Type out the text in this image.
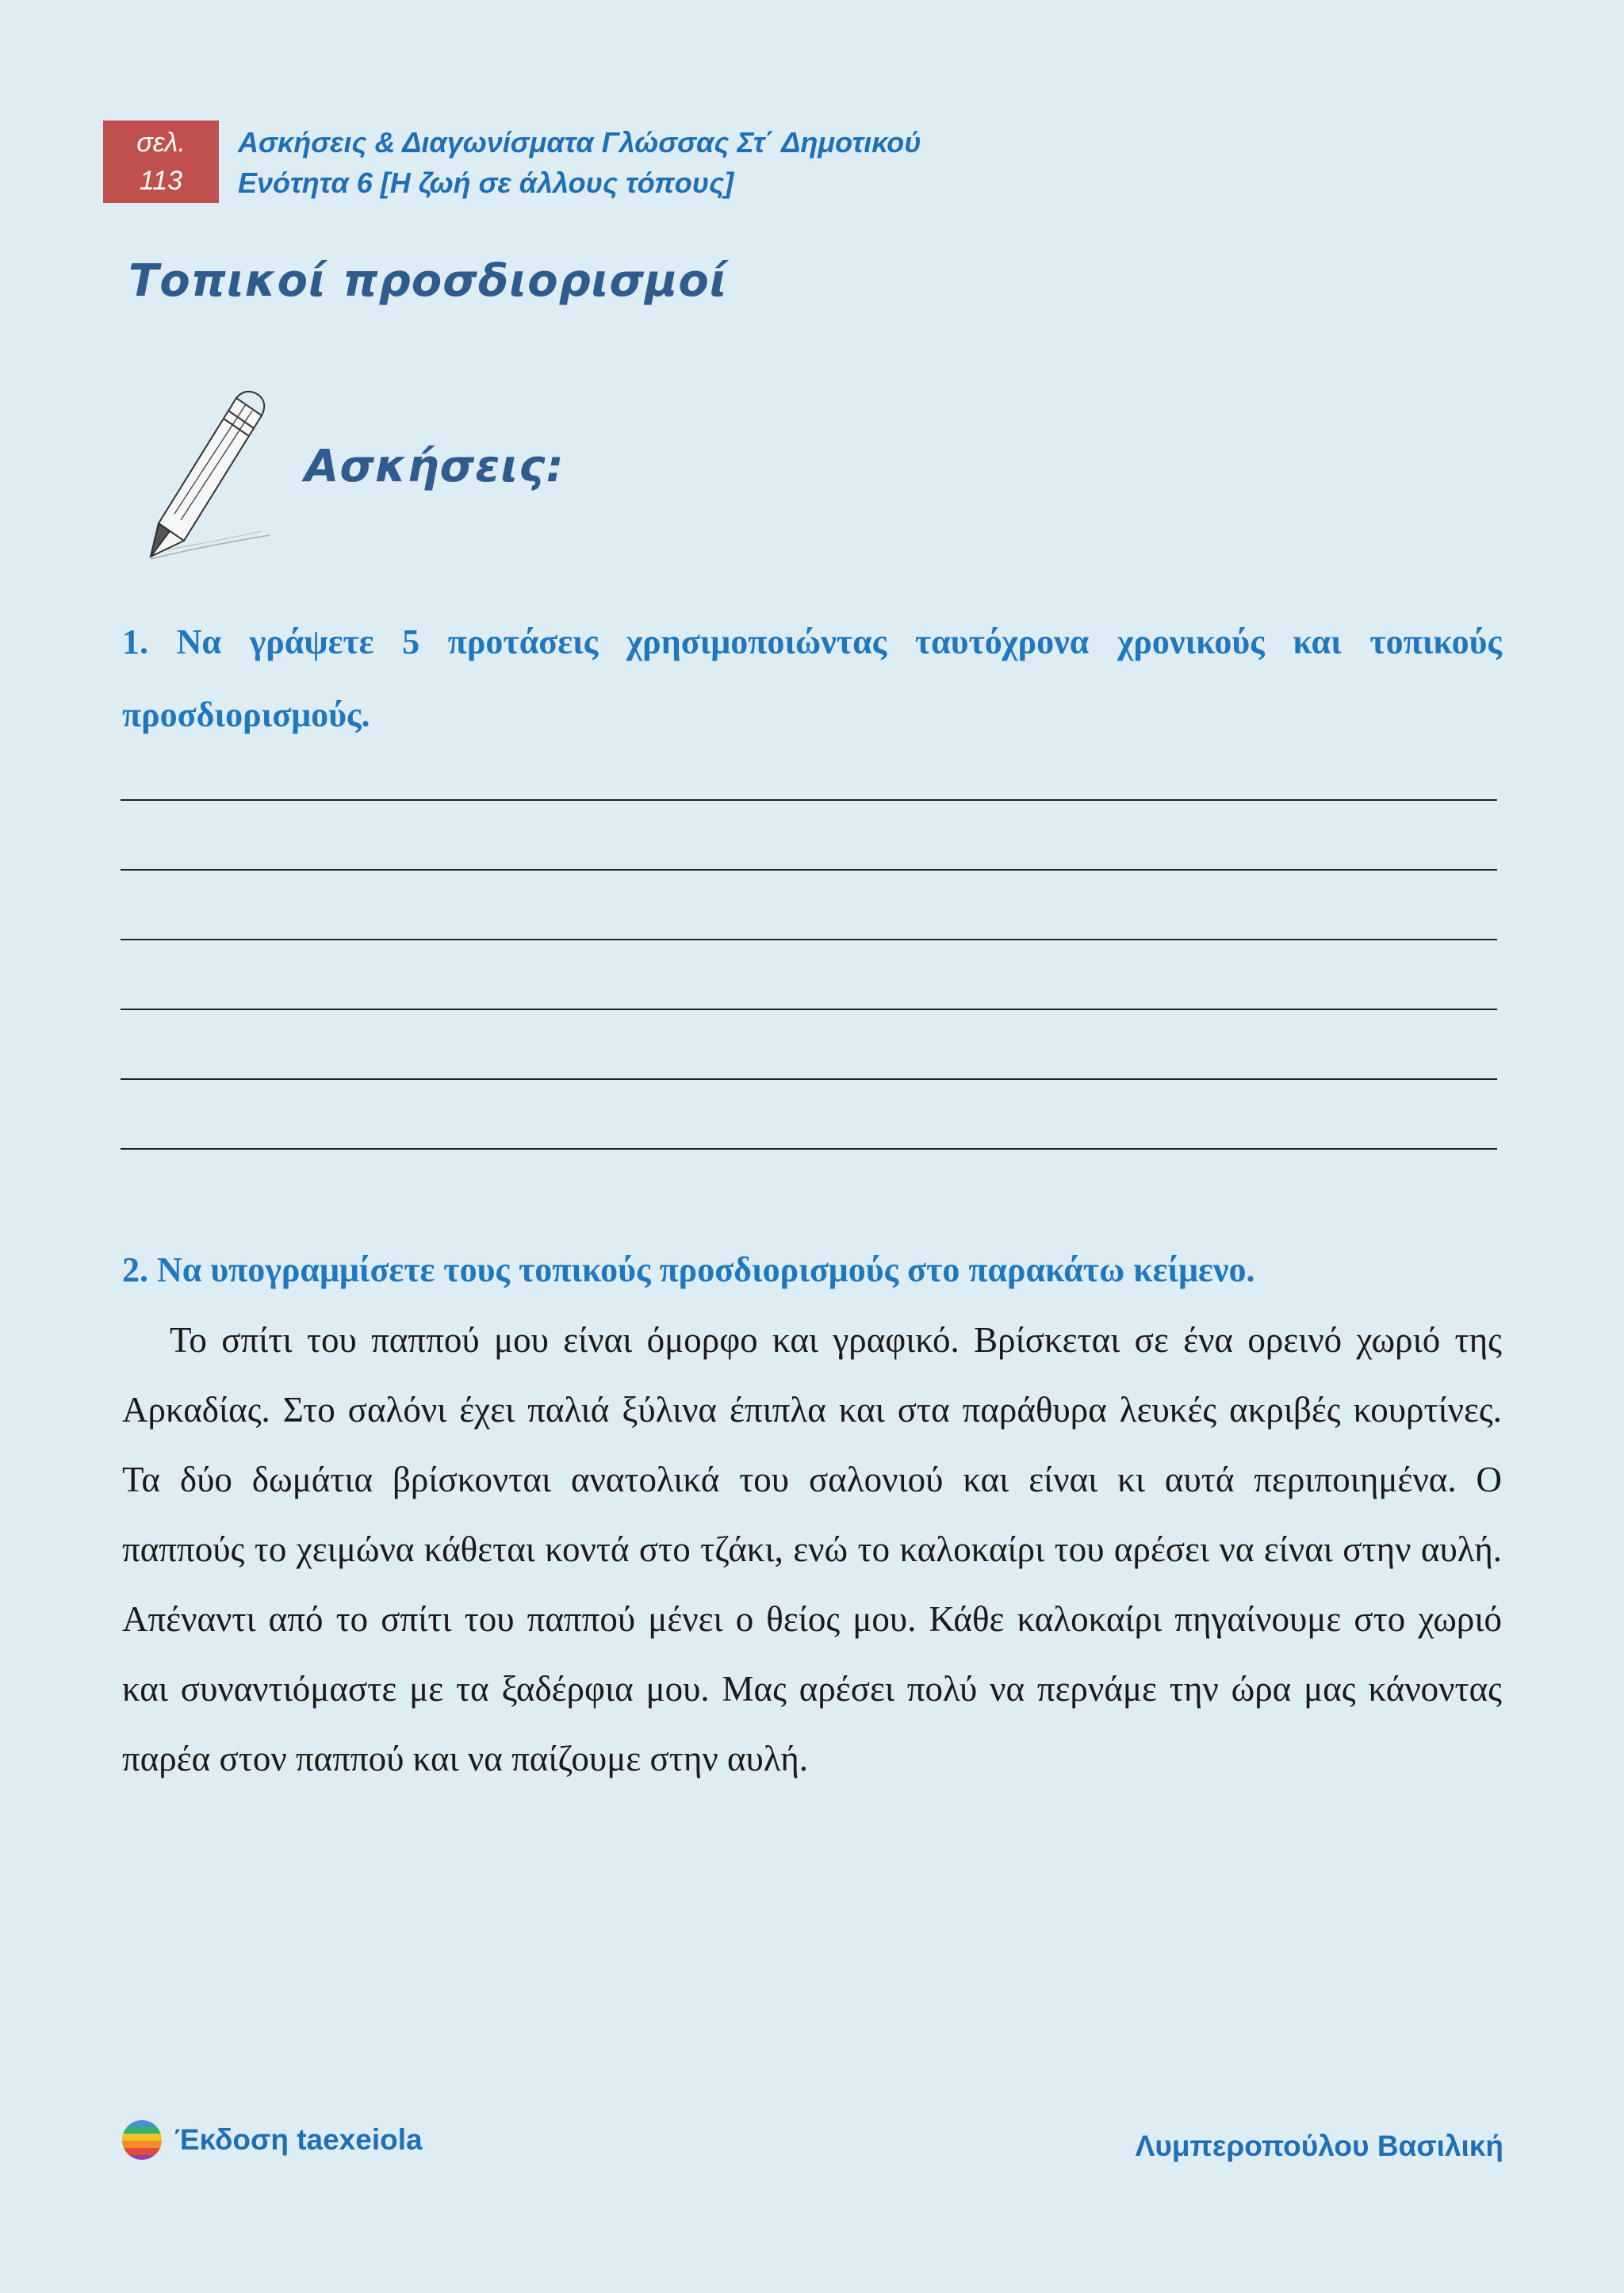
σελ.
113
Ασκήσεις & Διαγωνίσματα Γλώσσας Στ΄ Δημοτικού
Ενότητα 6 [Η ζωή σε άλλους τόπους]
Τοπικοί προσδιορισμοί
Ασκήσεις:
1. Να γράψετε 5 προτάσεις χρησιμοποιώντας ταυτόχρονα χρονικούς και τοπικούς προσδιορισμούς.
2. Να υπογραμμίσετε τους τοπικούς προσδιορισμούς στο παρακάτω κείμενο.
Το σπίτι του παππού μου είναι όμορφο και γραφικό. Βρίσκεται σε ένα ορεινό χωριό της Αρκαδίας. Στο σαλόνι έχει παλιά ξύλινα έπιπλα και στα παράθυρα λευκές ακριβές κουρτίνες. Τα δύο δωμάτια βρίσκονται ανατολικά του σαλονιού και είναι κι αυτά περιποιημένα. Ο παππούς το χειμώνα κάθεται κοντά στο τζάκι, ενώ το καλοκαίρι του αρέσει να είναι στην αυλή. Απέναντι από το σπίτι του παππού μένει ο θείος μου. Κάθε καλοκαίρι πηγαίνουμε στο χωριό και συναντιόμαστε με τα ξαδέρφια μου. Μας αρέσει πολύ να περνάμε την ώρα μας κάνοντας παρέα στον παππού και να παίζουμε στην αυλή.
Έκδοση taexeiola	Λυμπεροπούλου Βασιλική
